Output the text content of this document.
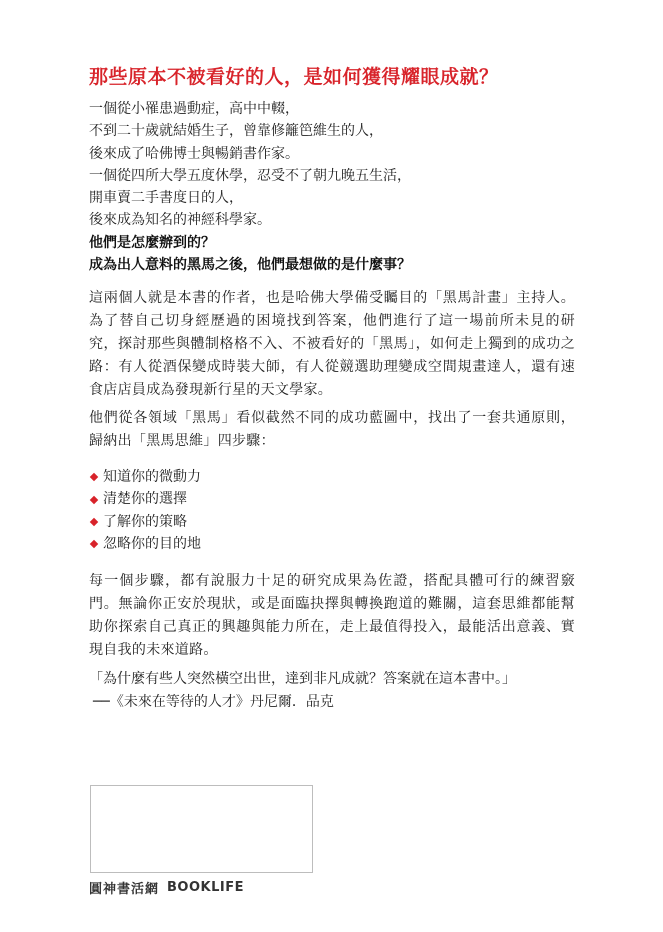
那些原本不被看好的人，是如何獲得耀眼成就？
一個從小罹患過動症，高中中輟，
不到二十歲就結婚生子，曾靠修籬笆維生的人，
後來成了哈佛博士與暢銷書作家。
一個從四所大學五度休學，忍受不了朝九晚五生活，
開車賣二手書度日的人，
後來成為知名的神經科學家。
他們是怎麼辦到的？
成為出人意料的黑馬之後，他們最想做的是什麼事？
這兩個人就是本書的作者，也是哈佛大學備受矚目的「黑馬計畫」主持人。為了替自己切身經歷過的困境找到答案，他們進行了這一場前所未見的研究，探討那些與體制格格不入、不被看好的「黑馬」，如何走上獨到的成功之路：有人從酒保變成時裝大師，有人從競選助理變成空間規畫達人，還有速食店店員成為發現新行星的天文學家。
他們從各領域「黑馬」看似截然不同的成功藍圖中，找出了一套共通原則，歸納出「黑馬思維」四步驟：
知道你的微動力
清楚你的選擇
了解你的策略
忽略你的目的地
每一個步驟，都有說服力十足的研究成果為佐證，搭配具體可行的練習竅門。無論你正安於現狀，或是面臨抉擇與轉換跑道的難關，這套思維都能幫助你探索自己真正的興趣與能力所在，走上最值得投入，最能活出意義、實現自我的未來道路。
「為什麼有些人突然橫空出世，達到非凡成就？答案就在這本書中。」
──《未來在等待的人才》丹尼爾．品克
圓神書活網 BOOKLIFE
